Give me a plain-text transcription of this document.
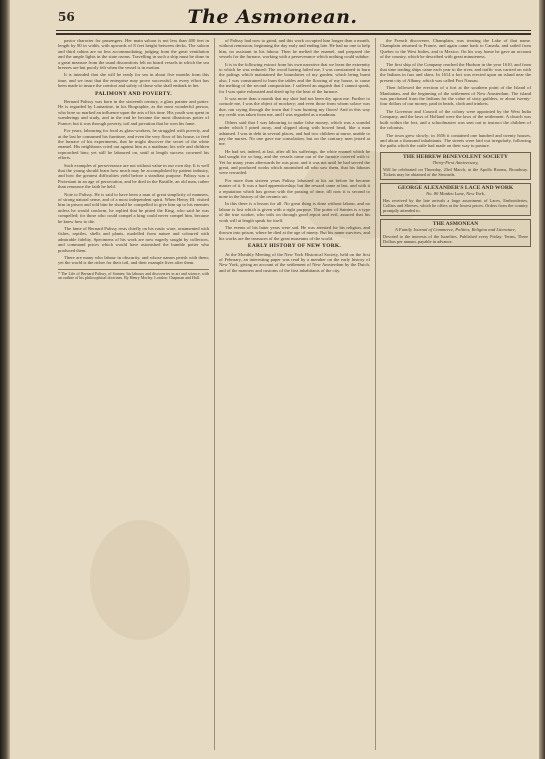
56	The Asmonean.

pastor character for passengers. Her main saloon is not less than 400 feet in length by 80 in width, with upwards of 8 feet height between decks. The saloon and third cabins are no less accommodating, judging from the great ventilation and the ample lights in the state rooms. Travelling in such a ship must be done in a great measure from the usual discomforts felt on board vessels in which the sea breezes are but poorly felt when the vessel is in motion.

It is intended that she will be ready for sea in about five months from this time, and we trust that the enterprise may prove successful, as every effort has been made to insure the comfort and safety of those who shall embark in her.

PALIMONY AND POVERTY.

Bernard Palissy was born in the sixteenth century, a glass painter and potter. He is regarded by Lamartine, in his Biographie, as the most wonderful person, who bore so marked an influence upon the arts of his time. His youth was spent in wanderings and study, and in the end he became the most illustrious potter of France; but it was through poverty, toil and privation that he won his fame.

For years, labouring for food as glass-workers, he struggled with poverty, and at the last he consumed his furniture, and even the very floor of his house, to feed the furnace of his experiments, that he might discover the secret of the white enamel. His neighbours cried out against him as a madman; his wife and children reproached him; yet still he laboured on, until at length success crowned his efforts.

Such examples of perseverance are not without value in our own day. It is well that the young should learn how much may be accomplished by patient industry, and how the greatest difficulties yield before a steadfast purpose. Palissy was a Protestant in an age of persecution, and he died in the Bastille, an old man, rather than renounce the faith he held.

Note to Palissy. He is said to have been a man of great simplicity of manners, of strong natural sense, and of a most independent spirit. When Henry III. visited him in prison and told him he should be compelled to give him up to his enemies unless he would conform, he replied that he pitied the King, who said he was compelled; for those who could compel a king could never compel him, because he knew how to die.

The fame of Bernard Palissy rests chiefly on his rustic ware, ornamented with fishes, reptiles, shells and plants, modelled from nature and coloured with admirable fidelity. Specimens of his work are now eagerly sought by collectors, and command prices which would have astonished the humble potter who produced them.

There are many who labour in obscurity, and whose names perish with them; yet the world is the richer for their toil, and their example lives after them.

* The Life of Bernard Palissy, of Saintes; his labours and discoveries in art and science, with an outline of his philosophical doctrines. By Henry Morley. London: Chapman and Hall.

of Palissy had now to grind, and this work occupied him longer than a month, without remission, beginning the day early and ending late. He had no one to help him, no assistant in his labour. Then he melted the enamel, and prepared the vessels for the furnace, working with a perseverance which nothing could subdue.

It is in the following extract from his own narrative that we learn the extremity to which he was reduced: The wood having failed me, I was constrained to burn the palings which maintained the boundaries of my garden; which being burnt also, I was constrained to burn the tables and the flooring of my house, to cause the melting of the second composition. I suffered an anguish that I cannot speak, for I was quite exhausted and dried up by the heat of the furnace.

It was more than a month that my shirt had not been dry upon me. Further to console me, I was the object of mockery; and even those from whom solace was due, ran crying through the town that I was burning my floors! And in this way my credit was taken from me, and I was regarded as a madman.

Others said that I was labouring to make false money, which was a scandal under which I pined away, and slipped along with bowed head, like a man ashamed. I was in debt in several places, and had two children at nurse, unable to pay the nurses. No one gave me consolation, but on the contrary men jested at me.

He had set, indeed, at last, after all his sufferings, the white enamel which he had sought for so long, and the vessels came out of the furnace covered with it. Yet for many years afterwards he was poor, and it was not until he had served the great, and produced works which astonished all who saw them, that his labours were rewarded.

For more than sixteen years Palissy laboured at his art before he became master of it. It was a hard apprenticeship; but the reward came at last, and with it a reputation which has grown with the passing of time, till now it is second to none in the history of the ceramic art.

In this there is a lesson for all. No great thing is done without labour, and no labour is lost which is given with a right purpose. The potter of Saintes is a type of the true worker, who toils on through good report and evil, assured that his work will at length speak for itself.

The events of his latter years were sad. He was arrested for his religion, and thrown into prison, where he died at the age of ninety. But his name survives, and his works are the treasures of the great museums of the world.

EARLY HISTORY OF NEW YORK.

At the Monthly Meeting of the New York Historical Society, held on the first of February, an interesting paper was read by a member on the early history of New York, giving an account of the settlement of New Amsterdam by the Dutch, and of the manners and customs of the first inhabitants of the city.

the French discoverer, Champlain, was treating the Lake of that name. Champlain returned to France, and again came back to Canada, and sailed from Quebec to the West Indies, and to Mexico. On his way home he gave an account of the country, which he described with great minuteness.

The first ship of the Company reached the Hudson in the year 1610, and from that time trading ships came each year to the river, and traffic was carried on with the Indians in furs and skins. In 1614 a fort was erected upon an island near the present city of Albany, which was called Fort Nassau.

Then followed the erection of a fort at the southern point of the Island of Manhattan, and the beginning of the settlement of New Amsterdam. The island was purchased from the Indians for the value of sixty guilders, or about twenty-four dollars of our money, paid in beads, cloth and trinkets.

The Governor and Council of the colony were appointed by the West India Company, and the laws of Holland were the laws of the settlement. A church was built within the fort, and a schoolmaster was sent out to instruct the children of the colonists.

The town grew slowly; in 1656 it contained one hundred and twenty houses, and about a thousand inhabitants. The streets were laid out irregularly, following the paths which the cattle had made on their way to pasture.

THE HEBREW BENEVOLENT SOCIETY
Thirty-First Anniversary,
Will be celebrated on Thursday, 23rd March, at the Apollo Rooms, Broadway. Tickets may be obtained of the Stewards.
GEORGE ALEXANDER'S LACE AND WORK
No. 80 Maiden Lane, New York,
Has received by the late arrivals a large assortment of Laces, Embroideries, Collars and Sleeves, which he offers at the lowest prices. Orders from the country promptly attended to.
THE ASMONEAN
A Family Journal of Commerce, Politics, Religion and Literature,
Devoted to the interests of the Israelites. Published every Friday. Terms, Three Dollars per annum, payable in advance.
